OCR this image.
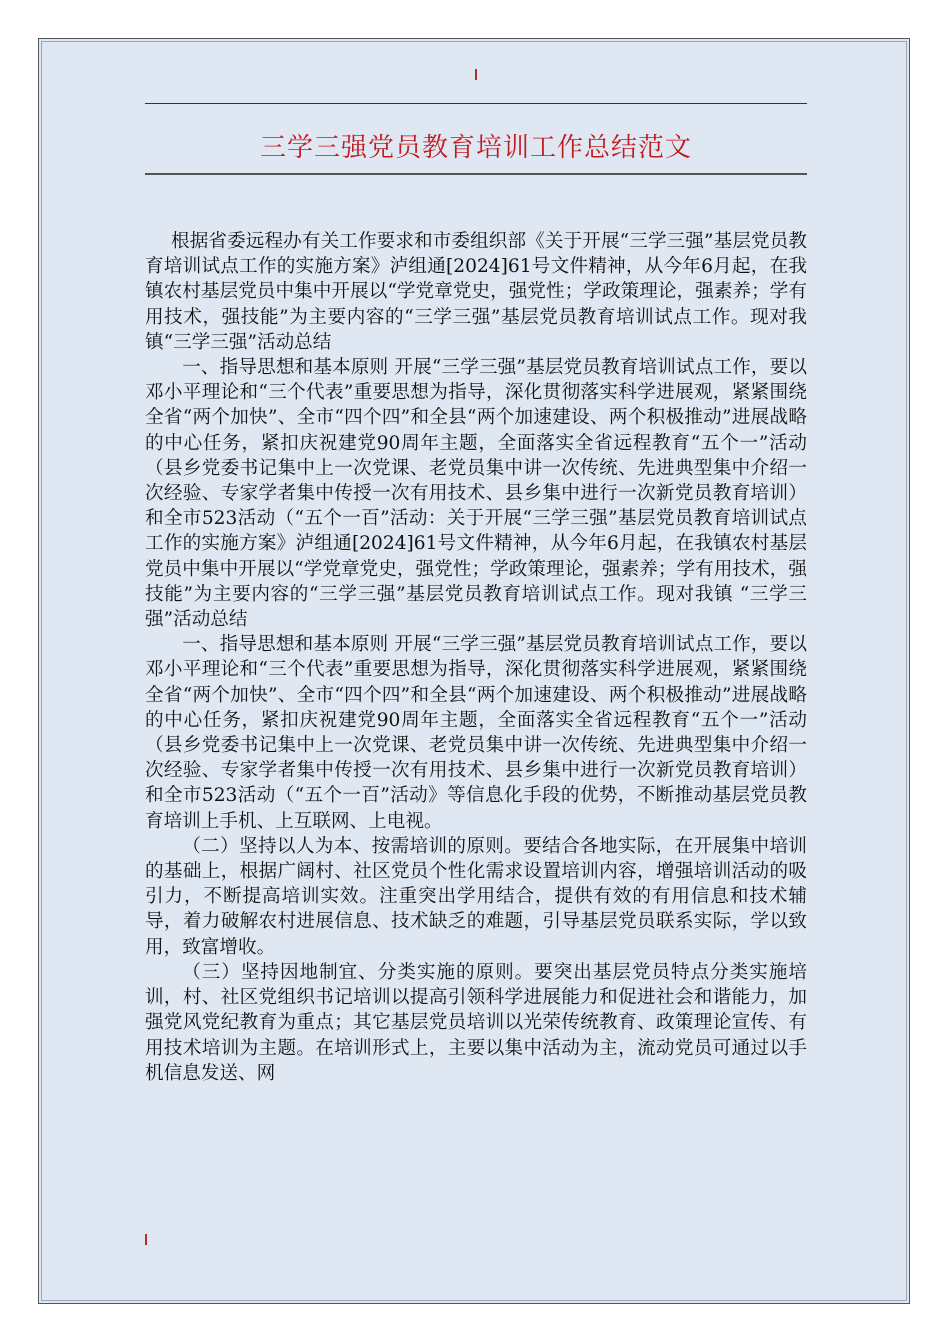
三学三强党员教育培训工作总结范文

根据省委远程办有关工作要求和市委组织部《关于开展“三学三强”基层党员教育培训试点工作的实施方案》泸组通[2024]61号文件精神，从今年6月起，在我镇农村基层党员中集中开展以“学党章党史，强党性；学政策理论，强素养；学有用技术，强技能”为主要内容的“三学三强”基层党员教育培训试点工作。现对我镇“三学三强”活动总结

一、指导思想和基本原则 开展“三学三强”基层党员教育培训试点工作，要以邓小平理论和“三个代表”重要思想为指导，深化贯彻落实科学进展观，紧紧围绕全省“两个加快”、全市“四个四”和全县“两个加速建设、两个积极推动”进展战略的中心任务，紧扣庆祝建党90周年主题，全面落实全省远程教育“五个一”活动（县乡党委书记集中上一次党课、老党员集中讲一次传统、先进典型集中介绍一次经验、专家学者集中传授一次有用技术、县乡集中进行一次新党员教育培训）和全市523活动（“五个一百”活动：关于开展“三学三强”基层党员教育培训试点工作的实施方案》泸组通[2024]61号文件精神，从今年6月起，在我镇农村基层党员中集中开展以“学党章党史，强党性；学政策理论，强素养；学有用技术，强技能”为主要内容的“三学三强”基层党员教育培训试点工作。现对我镇 “三学三强”活动总结

一、指导思想和基本原则 开展“三学三强”基层党员教育培训试点工作，要以邓小平理论和“三个代表”重要思想为指导，深化贯彻落实科学进展观，紧紧围绕全省“两个加快”、全市“四个四”和全县“两个加速建设、两个积极推动”进展战略的中心任务，紧扣庆祝建党90周年主题，全面落实全省远程教育“五个一”活动（县乡党委书记集中上一次党课、老党员集中讲一次传统、先进典型集中介绍一次经验、专家学者集中传授一次有用技术、县乡集中进行一次新党员教育培训）和全市523活动（“五个一百”活动》等信息化手段的优势，不断推动基层党员教育培训上手机、上互联网、上电视。

（二）坚持以人为本、按需培训的原则。要结合各地实际，在开展集中培训的基础上，根据广阔村、社区党员个性化需求设置培训内容，增强培训活动的吸引力，不断提高培训实效。注重突出学用结合，提供有效的有用信息和技术辅导，着力破解农村进展信息、技术缺乏的难题，引导基层党员联系实际，学以致用，致富增收。

（三）坚持因地制宜、分类实施的原则。要突出基层党员特点分类实施培训，村、社区党组织书记培训以提高引领科学进展能力和促进社会和谐能力，加强党风党纪教育为重点；其它基层党员培训以光荣传统教育、政策理论宣传、有用技术培训为主题。在培训形式上，主要以集中活动为主，流动党员可通过以手机信息发送、网
